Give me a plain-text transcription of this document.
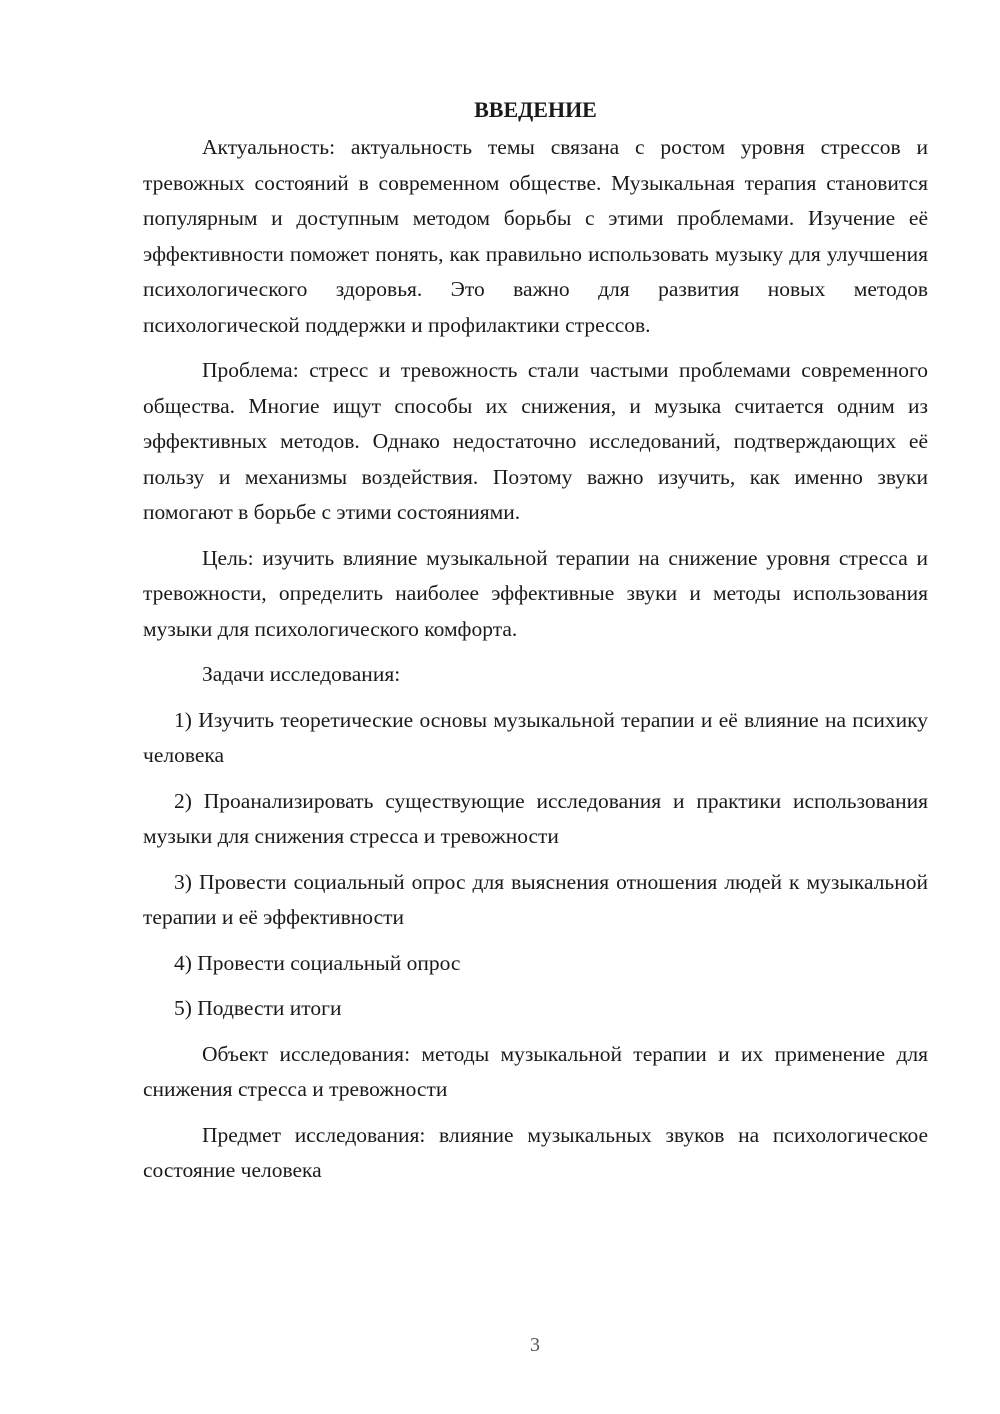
ВВЕДЕНИЕ

Актуальность: актуальность темы связана с ростом уровня стрессов и тревожных состояний в современном обществе. Музыкальная терапия становится популярным и доступным методом борьбы с этими проблемами. Изучение её эффективности поможет понять, как правильно использовать музыку для улучшения психологического здоровья. Это важно для развития новых методов психологической поддержки и профилактики стрессов.

Проблема: стресс и тревожность стали частыми проблемами современного общества. Многие ищут способы их снижения, и музыка считается одним из эффективных методов. Однако недостаточно исследований, подтверждающих её пользу и механизмы воздействия. Поэтому важно изучить, как именно звуки помогают в борьбе с этими состояниями.

Цель: изучить влияние музыкальной терапии на снижение уровня стресса и тревожности, определить наиболее эффективные звуки и методы использования музыки для психологического комфорта.

Задачи исследования:

1) Изучить теоретические основы музыкальной терапии и её влияние на психику человека

2) Проанализировать существующие исследования и практики использования музыки для снижения стресса и тревожности

3) Провести социальный опрос для выяснения отношения людей к музыкальной терапии и её эффективности

4) Провести социальный опрос

5) Подвести итоги

Объект исследования: методы музыкальной терапии и их применение для снижения стресса и тревожности

Предмет исследования: влияние музыкальных звуков на психологическое состояние человека

3
